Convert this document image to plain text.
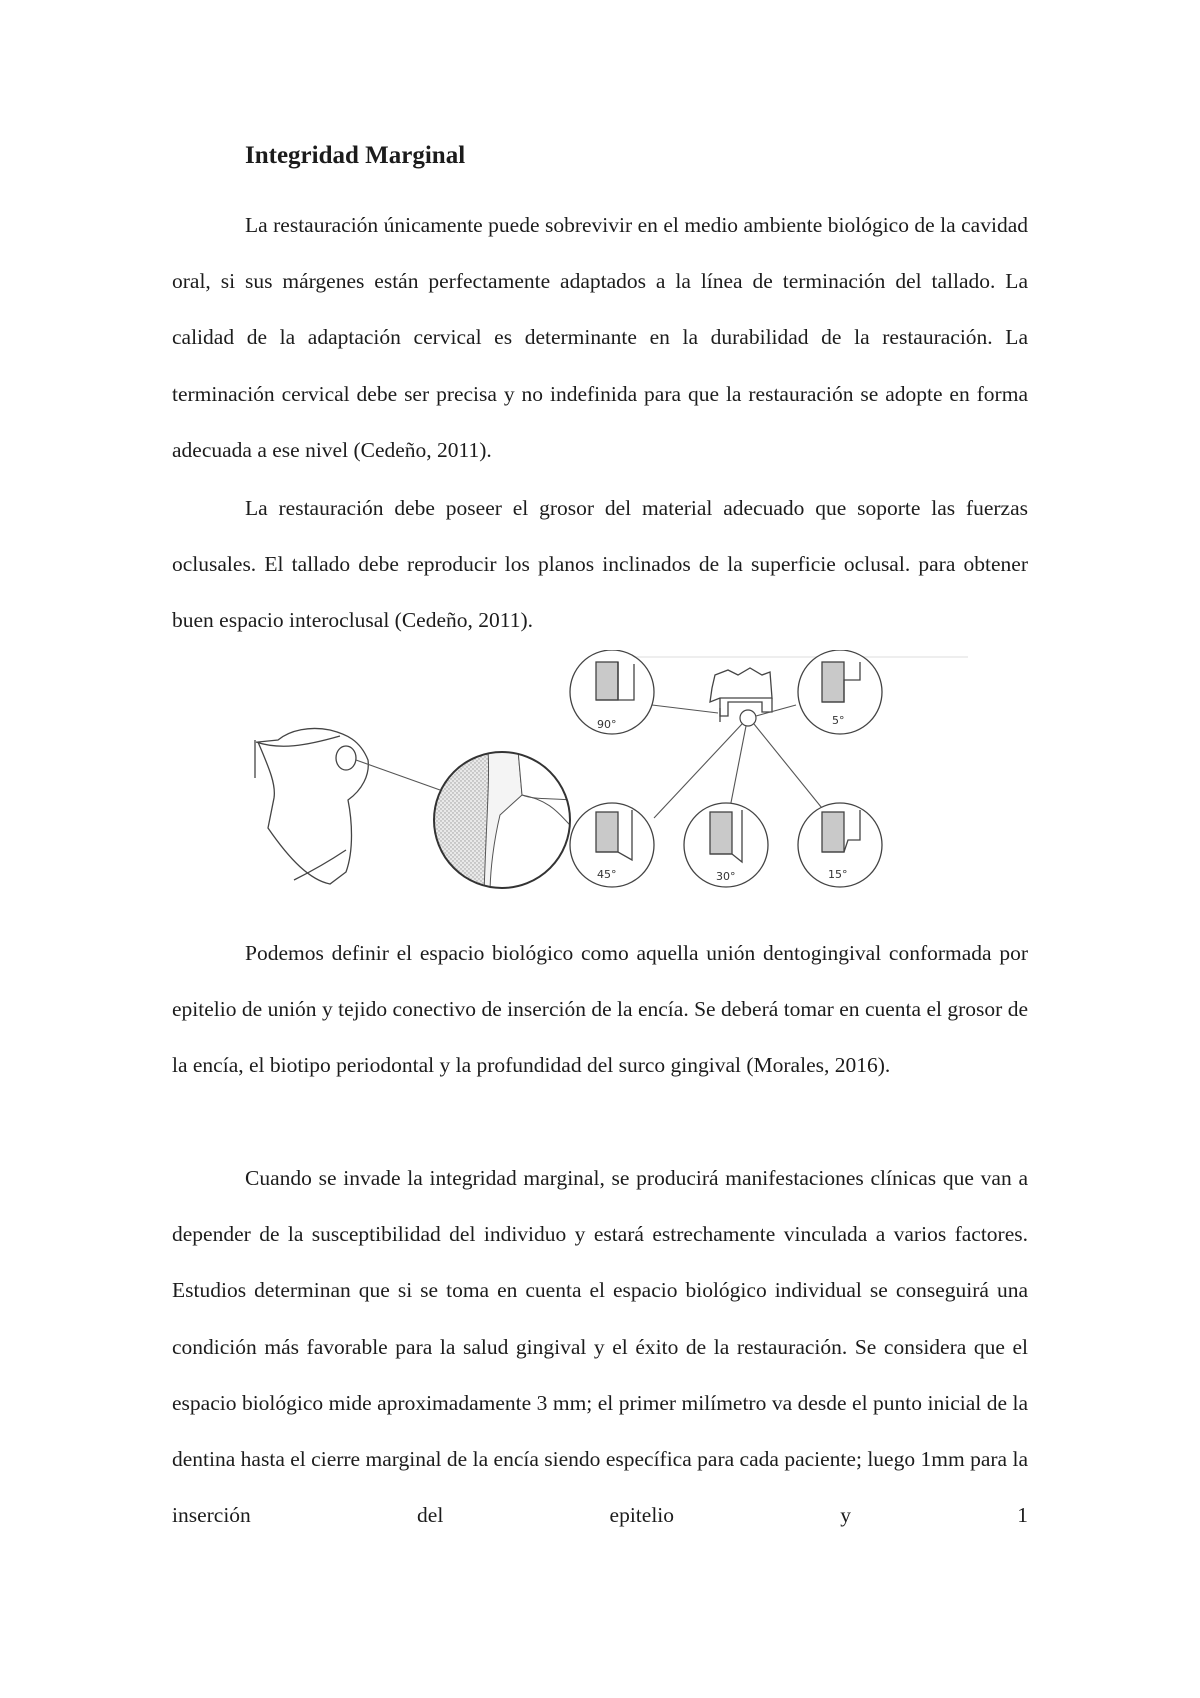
Integridad Marginal

La restauración únicamente puede sobrevivir en el medio ambiente biológico de la cavidad oral, si sus márgenes están perfectamente adaptados a la línea de terminación del tallado. La calidad de la adaptación cervical es determinante en la durabilidad de la restauración. La terminación cervical debe ser precisa y no indefinida para que la restauración se adopte en forma adecuada a ese nivel (Cedeño, 2011).

La restauración debe poseer el grosor del material adecuado que soporte las fuerzas oclusales. El tallado debe reproducir los planos inclinados de la superficie oclusal. para obtener buen espacio interoclusal (Cedeño, 2011).

90°	5°
45°	30°	15°

Podemos definir el espacio biológico como aquella unión dentogingival conformada por epitelio de unión y tejido conectivo de inserción de la encía. Se deberá tomar en cuenta el grosor de la encía, el biotipo periodontal y la profundidad del surco gingival (Morales, 2016).

Cuando se invade la integridad marginal, se producirá manifestaciones clínicas que van a depender de la susceptibilidad del individuo y estará estrechamente vinculada a varios factores. Estudios determinan que si se toma en cuenta el espacio biológico individual se conseguirá una condición más favorable para la salud gingival y el éxito de la restauración. Se considera que el espacio biológico mide aproximadamente 3 mm; el primer milímetro va desde el punto inicial de la dentina hasta el cierre marginal de la encía siendo específica para cada paciente; luego 1mm para la inserción del epitelio y 1
